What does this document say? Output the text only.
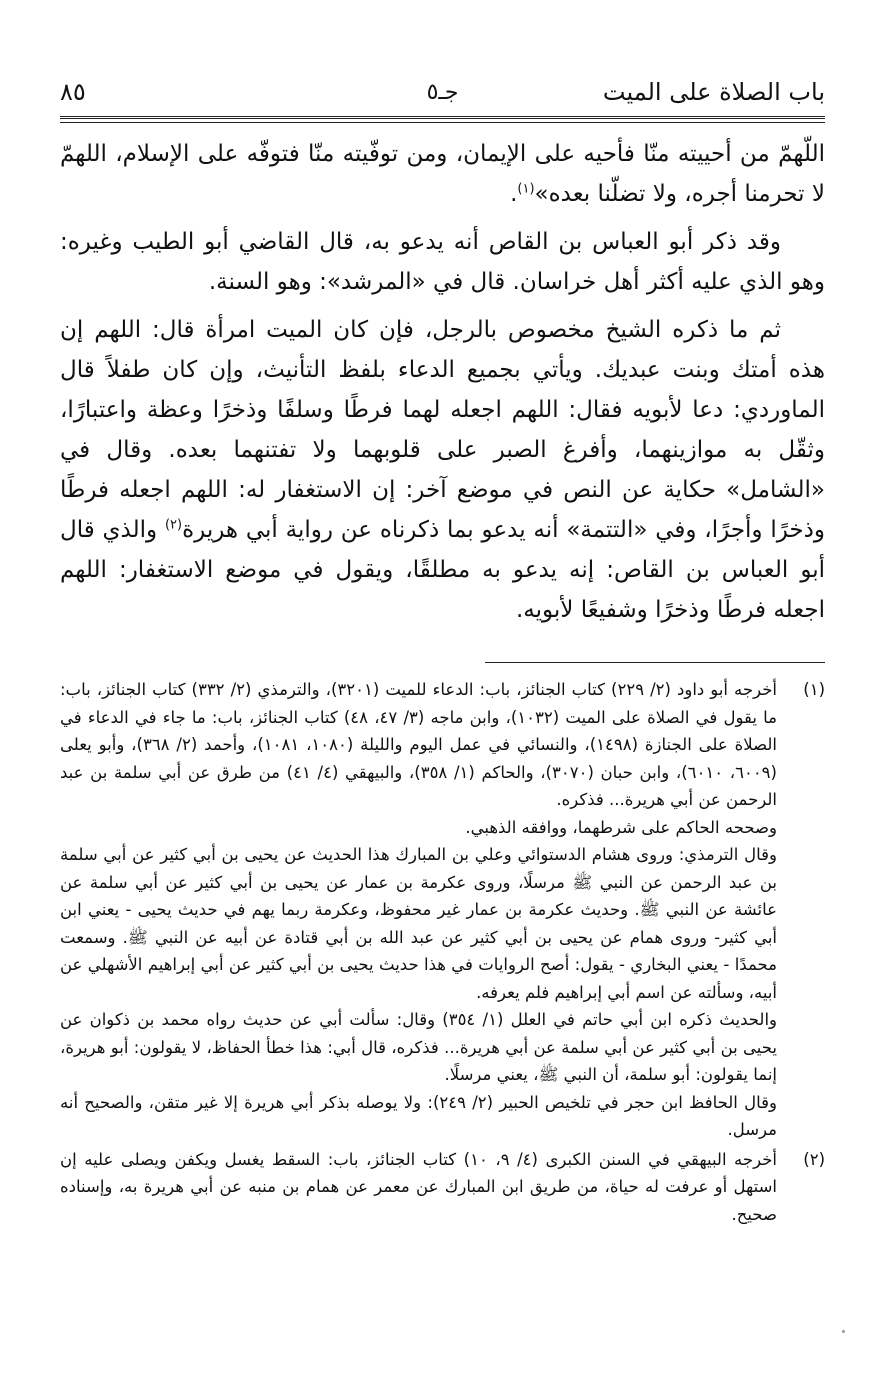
باب الصلاة على الميت
جـ٥
٨٥

اللّهمّ من أحييته منّا فأحيه على الإيمان، ومن توفّيته منّا فتوفّه على الإسلام، اللهمّ لا تحرمنا أجره، ولا تضلّنا بعده»$^{(١)}$.

وقد ذكر أبو العباس بن القاص أنه يدعو به، قال القاضي أبو الطيب وغيره: وهو الذي عليه أكثر أهل خراسان. قال في «المرشد»: وهو السنة.

ثم ما ذكره الشيخ مخصوص بالرجل، فإن كان الميت امرأة قال: اللهم إن هذه أمتك وبنت عبديك. ويأتي بجميع الدعاء بلفظ التأنيث، وإن كان طفلاً قال الماوردي: دعا لأبويه فقال: اللهم اجعله لهما فرطًا وسلفًا وذخرًا وعظة واعتبارًا، وثقّل به موازينهما، وأفرغ الصبر على قلوبهما ولا تفتنهما بعده. وقال في «الشامل» حكاية عن النص في موضع آخر: إن الاستغفار له: اللهم اجعله فرطًا وذخرًا وأجرًا، وفي «التتمة» أنه يدعو بما ذكرناه عن رواية أبي هريرة$^{(٢)}$ والذي قال أبو العباس بن القاص: إنه يدعو به مطلقًا، ويقول في موضع الاستغفار: اللهم اجعله فرطًا وذخرًا وشفيعًا لأبويه.

(١)

أخرجه أبو داود (٢/ ٢٢٩) كتاب الجنائز، باب: الدعاء للميت (٣٢٠١)، والترمذي (٢/ ٣٣٢) كتاب الجنائز، باب: ما يقول في الصلاة على الميت (١٠٣٢)، وابن ماجه (٣/ ٤٧، ٤٨) كتاب الجنائز، باب: ما جاء في الدعاء في الصلاة على الجنازة (١٤٩٨)، والنسائي في عمل اليوم والليلة (١٠٨٠، ١٠٨١)، وأحمد (٢/ ٣٦٨)، وأبو يعلى (٦٠٠٩، ٦٠١٠)، وابن حبان (٣٠٧٠)، والحاكم (١/ ٣٥٨)، والبيهقي (٤/ ٤١) من طرق عن أبي سلمة بن عبد الرحمن عن أبي هريرة... فذكره.

وصححه الحاكم على شرطهما، ووافقه الذهبي.

وقال الترمذي: وروى هشام الدستوائي وعلي بن المبارك هذا الحديث عن يحيى بن أبي كثير عن أبي سلمة بن عبد الرحمن عن النبي ﷺ مرسلًا، وروى عكرمة بن عمار عن يحيى بن أبي كثير عن أبي سلمة عن عائشة عن النبي ﷺ. وحديث عكرمة بن عمار غير محفوظ، وعكرمة ربما يهم في حديث يحيى - يعني ابن أبي كثير- وروى همام عن يحيى بن أبي كثير عن عبد الله بن أبي قتادة عن أبيه عن النبي ﷺ. وسمعت محمدًا - يعني البخاري - يقول: أصح الروايات في هذا حديث يحيى بن أبي كثير عن أبي إبراهيم الأشهلي عن أبيه، وسألته عن اسم أبي إبراهيم فلم يعرفه.

والحديث ذكره ابن أبي حاتم في العلل (١/ ٣٥٤) وقال: سألت أبي عن حديث رواه محمد بن ذكوان عن يحيى بن أبي كثير عن أبي سلمة عن أبي هريرة... فذكره، قال أبي: هذا خطأ الحفاظ، لا يقولون: أبو هريرة، إنما يقولون: أبو سلمة، أن النبي ﷺ، يعني مرسلًا.

وقال الحافظ ابن حجر في تلخيص الحبير (٢/ ٢٤٩): ولا يوصله بذكر أبي هريرة إلا غير متقن، والصحيح أنه مرسل.

(٢)

أخرجه البيهقي في السنن الكبرى (٤/ ٩، ١٠) كتاب الجنائز، باب: السقط يغسل ويكفن ويصلى عليه إن استهل أو عرفت له حياة، من طريق ابن المبارك عن معمر عن همام بن منبه عن أبي هريرة به، وإسناده صحيح.
